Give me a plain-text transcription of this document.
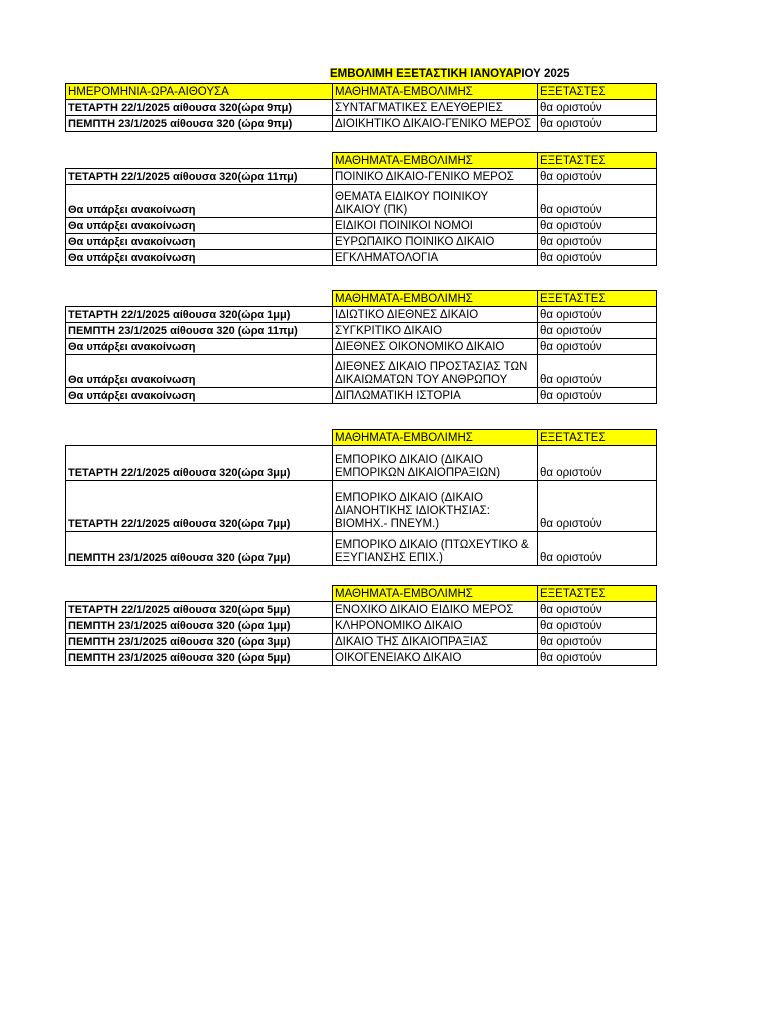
ΕΜΒΟΛΙΜΗ ΕΞΕΤΑΣΤΙΚΗ ΙΑΝΟΥΑΡΙΟΥ 2025
ΗΜΕΡΟΜΗΝΙΑ-ΩΡΑ-ΑΙΘΟΥΣΑ	ΜΑΘΗΜΑΤΑ-ΕΜΒΟΛΙΜΗΣ	ΕΞΕΤΑΣΤΕΣ
ΤΕΤΑΡΤΗ 22/1/2025 αίθουσα 320(ώρα 9πμ)	ΣΥΝΤΑΓΜΑΤΙΚΕΣ ΕΛΕΥΘΕΡΙΕΣ	θα οριστούν
ΠΕΜΠΤΗ 23/1/2025 αίθουσα 320 (ώρα 9πμ)	ΔΙΟΙΚΗΤΙΚΟ ΔΙΚΑΙΟ-ΓΕΝΙΚΟ ΜΕΡΟΣ	θα οριστούν
	ΜΑΘΗΜΑΤΑ-ΕΜΒΟΛΙΜΗΣ	ΕΞΕΤΑΣΤΕΣ
ΤΕΤΑΡΤΗ 22/1/2025 αίθουσα 320(ώρα 11πμ)	ΠΟΙΝΙΚΟ ΔΙΚΑΙΟ-ΓΕΝΙΚΟ ΜΕΡΟΣ	θα οριστούν
Θα υπάρξει ανακοίνωση	ΘΕΜΑΤΑ ΕΙΔΙΚΟΥ ΠΟΙΝΙΚΟΥ ΔΙΚΑΙΟΥ (ΠΚ)	θα οριστούν
Θα υπάρξει ανακοίνωση	ΕΙΔΙΚΟΙ ΠΟΙΝΙΚΟΙ ΝΟΜΟΙ	θα οριστούν
Θα υπάρξει ανακοίνωση	ΕΥΡΩΠΑΙΚΟ ΠΟΙΝΙΚΟ ΔΙΚΑΙΟ	θα οριστούν
Θα υπάρξει ανακοίνωση	ΕΓΚΛΗΜΑΤΟΛΟΓΙΑ	θα οριστούν
	ΜΑΘΗΜΑΤΑ-ΕΜΒΟΛΙΜΗΣ	ΕΞΕΤΑΣΤΕΣ
ΤΕΤΑΡΤΗ 22/1/2025 αίθουσα 320(ώρα 1μμ)	ΙΔΙΩΤΙΚΟ ΔΙΕΘΝΕΣ ΔΙΚΑΙΟ	θα οριστούν
ΠΕΜΠΤΗ 23/1/2025 αίθουσα 320 (ώρα 11πμ)	ΣΥΓΚΡΙΤΙΚΟ ΔΙΚΑΙΟ	θα οριστούν
Θα υπάρξει ανακοίνωση	ΔΙΕΘΝΕΣ ΟΙΚΟΝΟΜΙΚΟ ΔΙΚΑΙΟ	θα οριστούν
Θα υπάρξει ανακοίνωση	ΔΙΕΘΝΕΣ ΔΙΚΑΙΟ ΠΡΟΣΤΑΣΙΑΣ ΤΩΝ ΔΙΚΑΙΩΜΑΤΩΝ ΤΟΥ ΑΝΘΡΩΠΟΥ	θα οριστούν
Θα υπάρξει ανακοίνωση	ΔΙΠΛΩΜΑΤΙΚΗ ΙΣΤΟΡΙΑ	θα οριστούν
	ΜΑΘΗΜΑΤΑ-ΕΜΒΟΛΙΜΗΣ	ΕΞΕΤΑΣΤΕΣ
ΤΕΤΑΡΤΗ 22/1/2025 αίθουσα 320(ώρα 3μμ)	ΕΜΠΟΡΙΚΟ ΔΙΚΑΙΟ (ΔΙΚΑΙΟ ΕΜΠΟΡΙΚΩΝ ΔΙΚΑΙΟΠΡΑΞΙΩΝ)	θα οριστούν
ΤΕΤΑΡΤΗ 22/1/2025 αίθουσα 320(ώρα 7μμ)	ΕΜΠΟΡΙΚΟ ΔΙΚΑΙΟ (ΔΙΚΑΙΟ ΔΙΑΝΟΗΤΙΚΗΣ ΙΔΙΟΚΤΗΣΙΑΣ: ΒΙΟΜΗΧ.- ΠΝΕΥΜ.)	θα οριστούν
ΠΕΜΠΤΗ 23/1/2025 αίθουσα 320 (ώρα 7μμ)	ΕΜΠΟΡΙΚΟ ΔΙΚΑΙΟ (ΠΤΩΧΕΥΤΙΚΟ & ΕΞΥΓΙΑΝΣΗΣ ΕΠΙΧ.)	θα οριστούν
	ΜΑΘΗΜΑΤΑ-ΕΜΒΟΛΙΜΗΣ	ΕΞΕΤΑΣΤΕΣ
ΤΕΤΑΡΤΗ 22/1/2025 αίθουσα 320(ώρα 5μμ)	ΕΝΟΧΙΚΟ ΔΙΚΑΙΟ ΕΙΔΙΚΟ ΜΕΡΟΣ	θα οριστούν
ΠΕΜΠΤΗ 23/1/2025 αίθουσα 320 (ώρα 1μμ)	ΚΛΗΡΟΝΟΜΙΚΟ ΔΙΚΑΙΟ	θα οριστούν
ΠΕΜΠΤΗ 23/1/2025 αίθουσα 320 (ώρα 3μμ)	ΔΙΚΑΙΟ ΤΗΣ ΔΙΚΑΙΟΠΡΑΞΙΑΣ	θα οριστούν
ΠΕΜΠΤΗ 23/1/2025 αίθουσα 320 (ώρα 5μμ)	ΟΙΚΟΓΕΝΕΙΑΚΟ ΔΙΚΑΙΟ	θα οριστούν
